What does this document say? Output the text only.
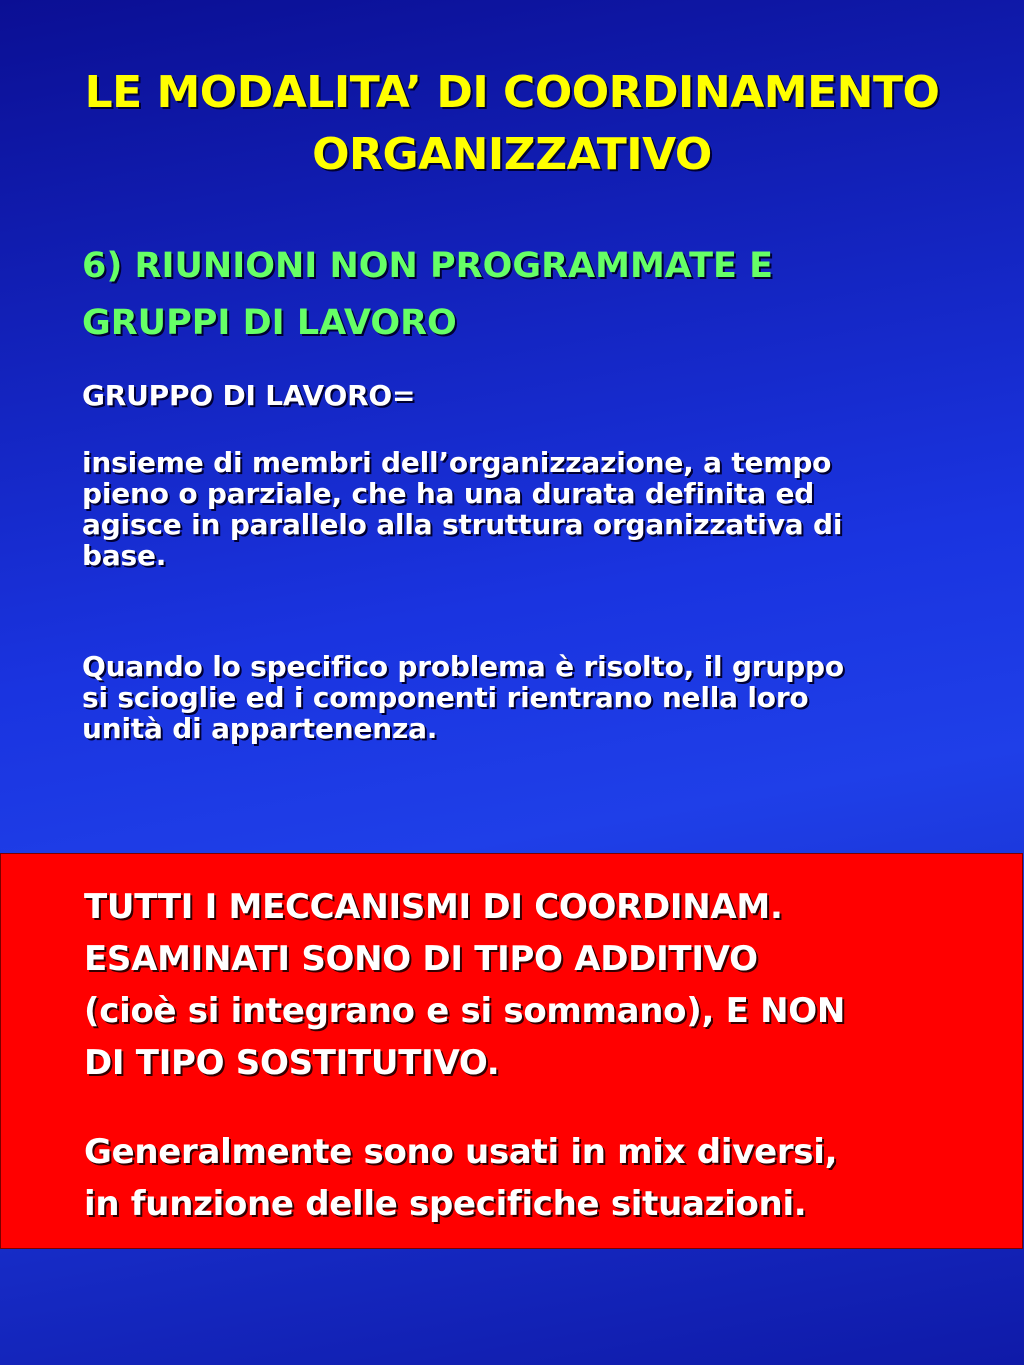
LE MODALITA’ DI COORDINAMENTO
ORGANIZZATIVO
6) RIUNIONI NON PROGRAMMATE E
GRUPPI DI LAVORO
GRUPPO DI LAVORO=
insieme di membri dell’organizzazione, a tempo
pieno o parziale, che ha una durata definita ed
agisce in parallelo alla struttura organizzativa di
base.
Quando lo specifico problema è risolto, il gruppo
si scioglie ed i componenti rientrano nella loro
unità di appartenenza.
TUTTI I MECCANISMI DI COORDINAM.
ESAMINATI SONO DI TIPO ADDITIVO
(cioè si integrano e si sommano), E NON
DI TIPO SOSTITUTIVO.
Generalmente sono usati in mix diversi,
in funzione delle specifiche situazioni.
